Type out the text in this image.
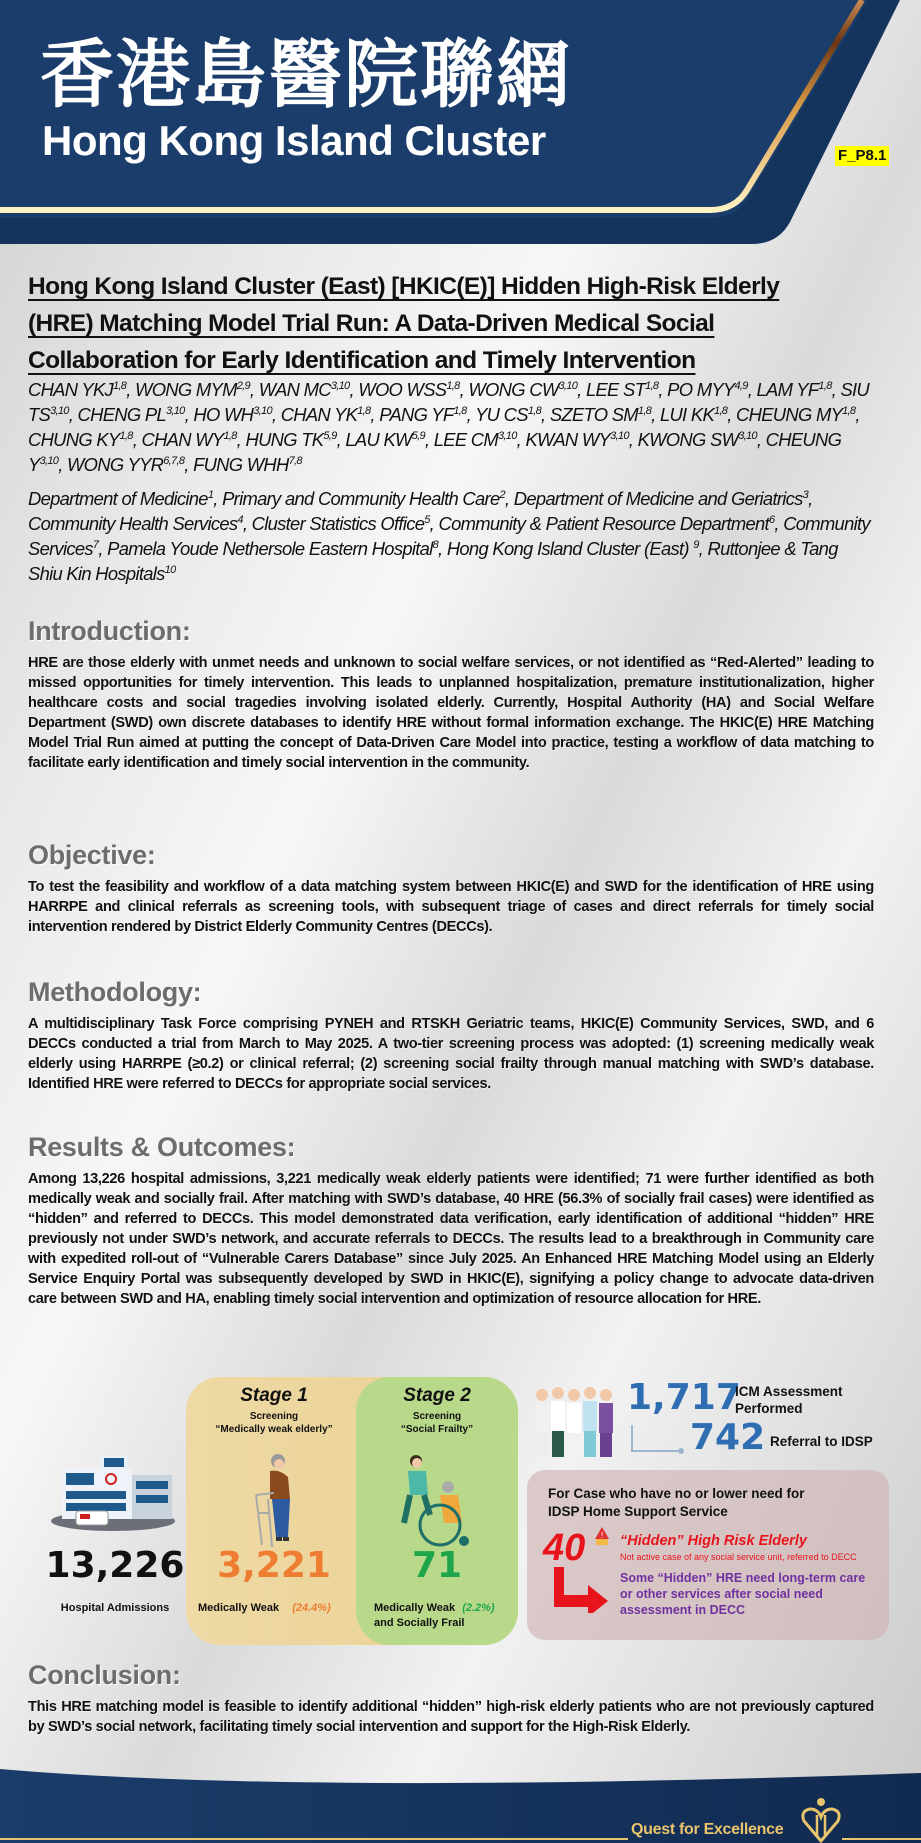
香港島醫院聯網
Hong Kong Island Cluster	F_P8.1
Hong Kong Island Cluster (East) [HKIC(E)] Hidden High-Risk Elderly
(HRE) Matching Model Trial Run: A Data-Driven Medical Social
Collaboration for Early Identification and Timely Intervention
CHAN YKJ$^{1,8}$, WONG MYM$^{2,9}$, WAN MC$^{3,10}$, WOO WSS$^{1,8}$, WONG CW$^{3,10}$, LEE ST$^{1,8}$, PO MYY$^{4,9}$, LAM YF$^{1,8}$, SIU TS$^{3,10}$, CHENG PL$^{3,10}$, HO WH$^{3,10}$, CHAN YK$^{1,8}$, PANG YF$^{1,8}$, YU CS$^{1,8}$, SZETO SM$^{1,8}$, LUI KK$^{1,8}$, CHEUNG MY$^{1,8}$, CHUNG KY$^{1,8}$, CHAN WY$^{1,8}$, HUNG TK$^{5,9}$, LAU KW$^{5,9}$, LEE CM$^{3,10}$, KWAN WY$^{3,10}$, KWONG SW$^{3,10}$, CHEUNG Y$^{3,10}$, WONG YYR$^{6,7,8}$, FUNG WHH$^{7,8}$
Department of Medicine$^1$, Primary and Community Health Care$^2$, Department of Medicine and Geriatrics$^3$, Community Health Services$^4$, Cluster Statistics Office$^5$, Community & Patient Resource Department$^6$, Community Services$^7$, Pamela Youde Nethersole Eastern Hospital$^8$, Hong Kong Island Cluster (East) $^9$, Ruttonjee & Tang Shiu Kin Hospitals$^{10}$
Introduction:
HRE are those elderly with unmet needs and unknown to social welfare services, or not identified as “Red-Alerted” leading to missed opportunities for timely intervention. This leads to unplanned hospitalization, premature institutionalization, higher healthcare costs and social tragedies involving isolated elderly. Currently, Hospital Authority (HA) and Social Welfare Department (SWD) own discrete databases to identify HRE without formal information exchange. The HKIC(E) HRE Matching Model Trial Run aimed at putting the concept of Data-Driven Care Model into practice, testing a workflow of data matching to facilitate early identification and timely social intervention in the community.
Objective:
To test the feasibility and workflow of a data matching system between HKIC(E) and SWD for the identification of HRE using HARRPE and clinical referrals as screening tools, with subsequent triage of cases and direct referrals for timely social intervention rendered by District Elderly Community Centres (DECCs).
Methodology:
A multidisciplinary Task Force comprising PYNEH and RTSKH Geriatric teams, HKIC(E) Community Services, SWD, and 6 DECCs conducted a trial from March to May 2025. A two-tier screening process was adopted: (1) screening medically weak elderly using HARRPE (≥0.2) or clinical referral; (2) screening social frailty through manual matching with SWD’s database. Identified HRE were referred to DECCs for appropriate social services.
Results & Outcomes:
Among 13,226 hospital admissions, 3,221 medically weak elderly patients were identified; 71 were further identified as both medically weak and socially frail. After matching with SWD’s database, 40 HRE (56.3% of socially frail cases) were identified as “hidden” and referred to DECCs. This model demonstrated data verification, early identification of additional “hidden” HRE previously not under SWD’s network, and accurate referrals to DECCs. The results lead to a breakthrough in Community care with expedited roll-out of “Vulnerable Carers Database” since July 2025. An Enhanced HRE Matching Model using an Elderly Service Enquiry Portal was subsequently developed by SWD in HKIC(E), signifying a policy change to advocate data-driven care between SWD and HA, enabling timely social intervention and optimization of resource allocation for HRE.
13,226
Hospital Admissions
Stage 1
Screening
“Medically weak elderly”
3,221
Medically Weak (24.4%)
Stage 2
Screening
“Social Frailty”
71
Medically Weak (2.2%)
and Socially Frail
1,717
ICM Assessment
Performed
742 Referral to IDSP
For Case who have no or lower need for
IDSP Home Support Service
40 ! “Hidden” High Risk Elderly
Not active case of any social service unit, referred to DECC
Some “Hidden” HRE need long-term care
or other services after social need
assessment in DECC
Conclusion:
This HRE matching model is feasible to identify additional “hidden” high-risk elderly patients who are not previously captured by SWD’s social network, facilitating timely social intervention and support for the High-Risk Elderly.
Quest for Excellence
